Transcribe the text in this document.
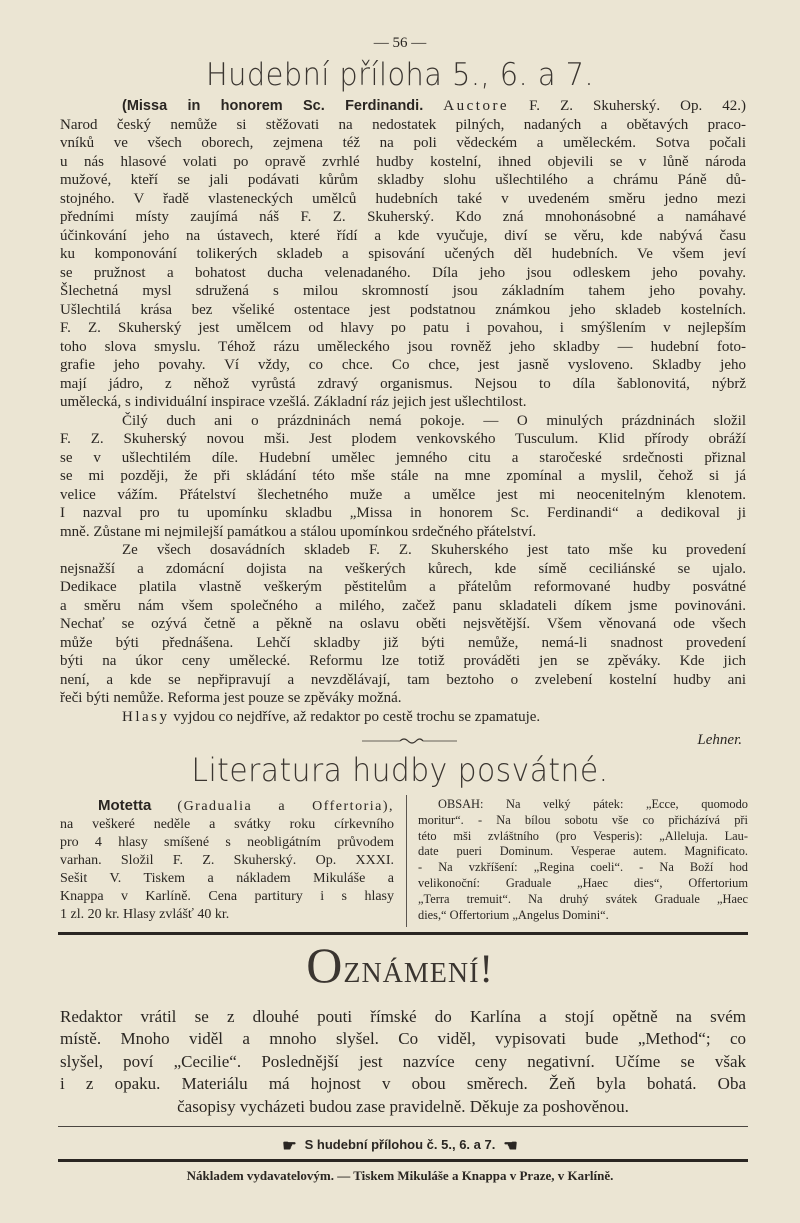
— 56 —
Hudební příloha 5., 6. a 7.
(Missa in honorem Sc. Ferdinandi. Auctore F. Z. Skuherský. Op. 42.)
Narod český nemůže si stěžovati na nedostatek pilných, nadaných a obětavých praco-
vníků ve všech oborech, zejmena též na poli vědeckém a uměleckém. Sotva počali
u nás hlasové volati po opravě zvrhlé hudby kostelní, ihned objevili se v lůně národa
mužové, kteří se jali podávati kůrům skladby slohu ušlechtilého a chrámu Páně dů-
stojného. V řadě vlasteneckých umělců hudebních také v uvedeném směru jedno mezi
předními místy zaujímá náš F. Z. Skuherský. Kdo zná mnohonásobné a namáhavé
účinkování jeho na ústavech, které řídí a kde vyučuje, diví se věru, kde nabývá času
ku komponování tolikerých skladeb a spisování učených děl hudebních. Ve všem jeví
se pružnost a bohatost ducha velenadaného. Díla jeho jsou odleskem jeho povahy.
Šlechetná mysl sdružená s milou skromností jsou základním tahem jeho povahy.
Ušlechtilá krása bez všeliké ostentace jest podstatnou známkou jeho skladeb kostelních.
F. Z. Skuherský jest umělcem od hlavy po patu i povahou, i smýšlením v nejlepším
toho slova smyslu. Téhož rázu uměleckého jsou rovněž jeho skladby — hudební foto-
grafie jeho povahy. Ví vždy, co chce. Co chce, jest jasně vysloveno. Skladby jeho
mají jádro, z něhož vyrůstá zdravý organismus. Nejsou to díla šablonovitá, nýbrž
umělecká, s individuální inspirace vzešlá. Základní ráz jejich jest ušlechtilost.
Čilý duch ani o prázdninách nemá pokoje. — O minulých prázdninách složil
F. Z. Skuherský novou mši. Jest plodem venkovského Tusculum. Klid přírody obráží
se v ušlechtilém díle. Hudební umělec jemného citu a staročeské srdečnosti přiznal
se mi později, že při skládání této mše stále na mne zpomínal a myslil, čehož si já
velice vážím. Přátelství šlechetného muže a umělce jest mi neocenitelným klenotem.
I nazval pro tu upomínku skladbu „Missa in honorem Sc. Ferdinandi“ a dedikoval ji
mně. Zůstane mi nejmilejší památkou a stálou upomínkou srdečného přátelství.
Ze všech dosavádních skladeb F. Z. Skuherského jest tato mše ku provedení
nejsnažší a zdomácní dojista na veškerých kůrech, kde símě ceciliánské se ujalo.
Dedikace platila vlastně veškerým pěstitelům a přátelům reformované hudby posvátné
a směru nám všem společného a milého, začež panu skladateli díkem jsme povinováni.
Nechať se ozývá četně a pěkně na oslavu oběti nejsvětější. Všem věnovaná ode všech
může býti přednášena. Lehčí skladby již býti nemůže, nemá-li snadnost provedení
býti na úkor ceny umělecké. Reformu lze totiž prováděti jen se zpěváky. Kde jich
není, a kde se nepřipravují a nevzdělávají, tam beztoho o zvelebení kostelní hudby ani
řeči býti nemůže. Reforma jest pouze se zpěváky možná.
Hlasy vyjdou co nejdříve, až redaktor po cestě trochu se zpamatuje.
Lehner.
Literatura hudby posvátné.
Motetta (Gradualia a Offertoria),
na veškeré neděle a svátky roku církevního
pro 4 hlasy smíšené s neobligátním průvodem
varhan. Složil F. Z. Skuherský. Op. XXXI.
Sešit V. Tiskem a nákladem Mikuláše a
Knappa v Karlíně. Cena partitury i s hlasy
1 zl. 20 kr. Hlasy zvlášť 40 kr.
OBSAH: Na velký pátek: „Ecce, quomodo
moritur“. - Na bílou sobotu vše co přicházívá při
této mši zvláštního (pro Vesperis): „Alleluja. Lau-
date pueri Dominum. Vesperae autem. Magnificato.
- Na vzkříšení: „Regina coeli“. - Na Boží hod
velikonoční: Graduale „Haec dies“, Offertorium
„Terra tremuit“. Na druhý svátek Graduale „Haec
dies,“ Offertorium „Angelus Domini“.
OZNÁMENÍ!
Redaktor vrátil se z dlouhé pouti římské do Karlína a stojí opětně na svém
místě. Mnoho viděl a mnoho slyšel. Co viděl, vypisovati bude „Method“; co
slyšel, poví „Cecilie“. Poslednější jest nazvíce ceny negativní. Učíme se však
i z opaku. Materiálu má hojnost v obou směrech. Žeň byla bohatá. Oba
časopisy vycházeti budou zase pravidelně. Děkuje za poshověnou.
☛ S hudební přílohou č. 5., 6. a 7. ☚
Nákladem vydavatelovým. — Tiskem Mikuláše a Knappa v Praze, v Karlíně.
